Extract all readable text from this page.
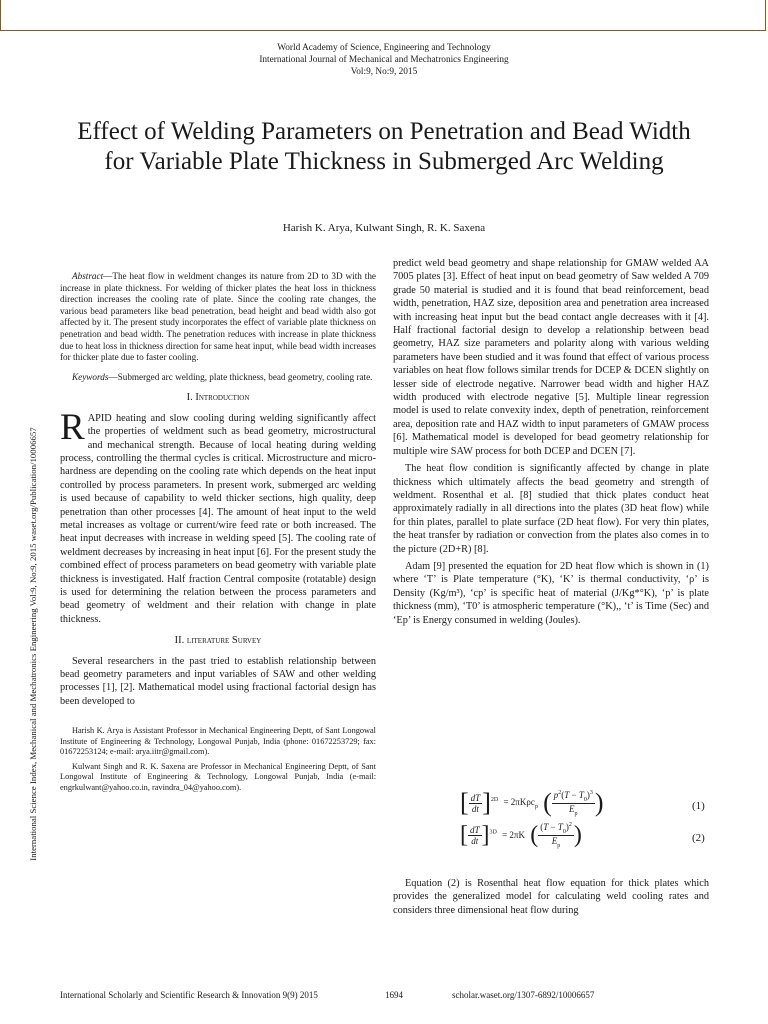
World Academy of Science, Engineering and Technology
International Journal of Mechanical and Mechatronics Engineering
Vol:9, No:9, 2015
Effect of Welding Parameters on Penetration and Bead Width for Variable Plate Thickness in Submerged Arc Welding
Harish K. Arya, Kulwant Singh, R. K. Saxena
International Science Index, Mechanical and Mechatronics Engineering Vol:9, No:9, 2015 waset.org/Publication/10006657

Abstract—The heat flow in weldment changes its nature from 2D to 3D with the increase in plate thickness. For welding of thicker plates the heat loss in thickness direction increases the cooling rate of plate. Since the cooling rate changes, the various bead parameters like bead penetration, bead height and bead width also got affected by it. The present study incorporates the effect of variable plate thickness on penetration and bead width. The penetration reduces with increase in plate thickness due to heat loss in thickness direction for same heat input, while bead width increases for thicker plate due to faster cooling.

Keywords—Submerged arc welding, plate thickness, bead geometry, cooling rate.

I. Introduction

RAPID heating and slow cooling during welding significantly affect the properties of weldment such as bead geometry, microstructural and mechanical strength. Because of local heating during welding process, controlling the thermal cycles is critical. Microstructure and micro-hardness are depending on the cooling rate which depends on the heat input controlled by process parameters. In present work, submerged arc welding is used because of capability to weld thicker sections, high quality, deep penetration than other processes [4]. The amount of heat input to the weld metal increases as voltage or current/wire feed rate or both increased. The heat input decreases with increase in welding speed [5]. The cooling rate of weldment decreases by increasing in heat input [6]. For the present study the combined effect of process parameters on bead geometry with variable plate thickness is investigated. Half fraction Central composite (rotatable) design is used for determining the relation between the process parameters and bead geometry of weldment and their relation with change in plate thickness.

II. literature Survey

Several researchers in the past tried to establish relationship between bead geometry parameters and input variables of SAW and other welding processes [1], [2]. Mathematical model using fractional factorial design has been developed to

Harish K. Arya is Assistant Professor in Mechanical Engineering Deptt, of Sant Longowal Institute of Engineering & Technology, Longowal Punjab, India (phone: 01672253729; fax: 01672253124; e-mail: arya.iitr@gmail.com).

Kulwant Singh and R. K. Saxena are Professor in Mechanical Engineering Deptt, of Sant Longowal Institute of Engineering & Technology, Longowal Punjab, India (e-mail: engrkulwant@yahoo.co.in, ravindra_04@yahoo.com).

predict weld bead geometry and shape relationship for GMAW welded AA 7005 plates [3]. Effect of heat input on bead geometry of Saw welded A 709 grade 50 material is studied and it is found that bead reinforcement, bead width, penetration, HAZ size, deposition area and penetration area increased with increasing heat input but the bead contact angle decreases with it [4]. Half fractional factorial design to develop a relationship between bead geometry, HAZ size parameters and polarity along with various welding parameters have been studied and it was found that effect of various process variables on heat flow follows similar trends for DCEP & DCEN slightly on lesser side of electrode negative. Narrower bead width and higher HAZ width produced with electrode negative [5]. Multiple linear regression model is used to relate convexity index, depth of penetration, reinforcement area, deposition rate and HAZ width to input parameters of GMAW process [6]. Mathematical model is developed for bead geometry relationship for multiple wire SAW process for both DCEP and DCEN [7].

The heat flow condition is significantly affected by change in plate thickness which ultimately affects the bead geometry and strength of weldment. Rosenthal et al. [8] studied that thick plates conduct heat approximately radially in all directions into the plates (3D heat flow) while for thin plates, parallel to plate surface (2D heat flow). For very thin plates, the heat transfer by radiation or convection from the plates also comes in to the picture (2D+R) [8].

Adam [9] presented the equation for 2D heat flow which is shown in (1) where ‘T’ is Plate temperature (°K), ‘K’ is thermal conductivity, ‘ρ’ is Density (Kg/m³), ‘cp’ is specific heat of material (J/Kg*°K), ‘p’ is plate thickness (mm), ‘T0’ is atmospheric temperature (°K),, ‘t’ is Time (Sec) and ‘Ep’ is Energy consumed in welding (Joules).

[ $\frac{dT}{dt} ]^{2D} = 2\pi K\rho c_p$ ( $\frac{p^2(T - T_0)^3}{E_p}$ )	(1)
[ $\frac{dT}{dt} ]^{3D} = 2\pi K$ ( $\frac{(T - T_0)^2}{E_p}$ )	(2)

Equation (2) is Rosenthal heat flow equation for thick plates which provides the generalized model for calculating weld cooling rates and considers three dimensional heat flow during

International Scholarly and Scientific Research & Innovation 9(9) 2015	1694	scholar.waset.org/1307-6892/10006657
